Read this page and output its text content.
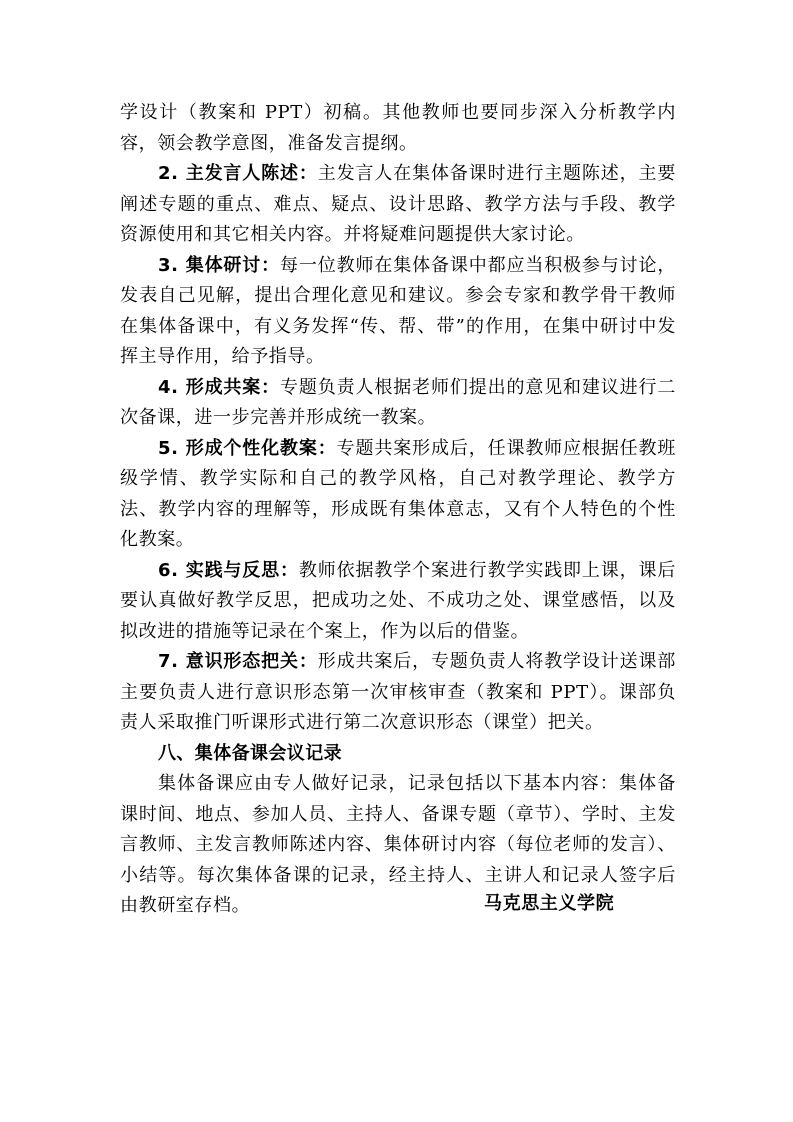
学设计（教案和 PPT）初稿。其他教师也要同步深入分析教学内容，领会教学意图，准备发言提纲。

2. 主发言人陈述：主发言人在集体备课时进行主题陈述，主要阐述专题的重点、难点、疑点、设计思路、教学方法与手段、教学资源使用和其它相关内容。并将疑难问题提供大家讨论。

3. 集体研讨：每一位教师在集体备课中都应当积极参与讨论，发表自己见解，提出合理化意见和建议。参会专家和教学骨干教师在集体备课中，有义务发挥“传、帮、带”的作用，在集中研讨中发挥主导作用，给予指导。

4. 形成共案：专题负责人根据老师们提出的意见和建议进行二次备课，进一步完善并形成统一教案。

5. 形成个性化教案：专题共案形成后，任课教师应根据任教班级学情、教学实际和自己的教学风格，自己对教学理论、教学方法、教学内容的理解等，形成既有集体意志，又有个人特色的个性化教案。

6. 实践与反思：教师依据教学个案进行教学实践即上课，课后要认真做好教学反思，把成功之处、不成功之处、课堂感悟，以及拟改进的措施等记录在个案上，作为以后的借鉴。

7. 意识形态把关：形成共案后，专题负责人将教学设计送课部主要负责人进行意识形态第一次审核审查（教案和 PPT）。课部负责人采取推门听课形式进行第二次意识形态（课堂）把关。

八、集体备课会议记录

集体备课应由专人做好记录，记录包括以下基本内容：集体备课时间、地点、参加人员、主持人、备课专题（章节）、学时、主发言教师、主发言教师陈述内容、集体研讨内容（每位老师的发言）、小结等。每次集体备课的记录，经主持人、主讲人和记录人签字后由教研室存档。	马克思主义学院
